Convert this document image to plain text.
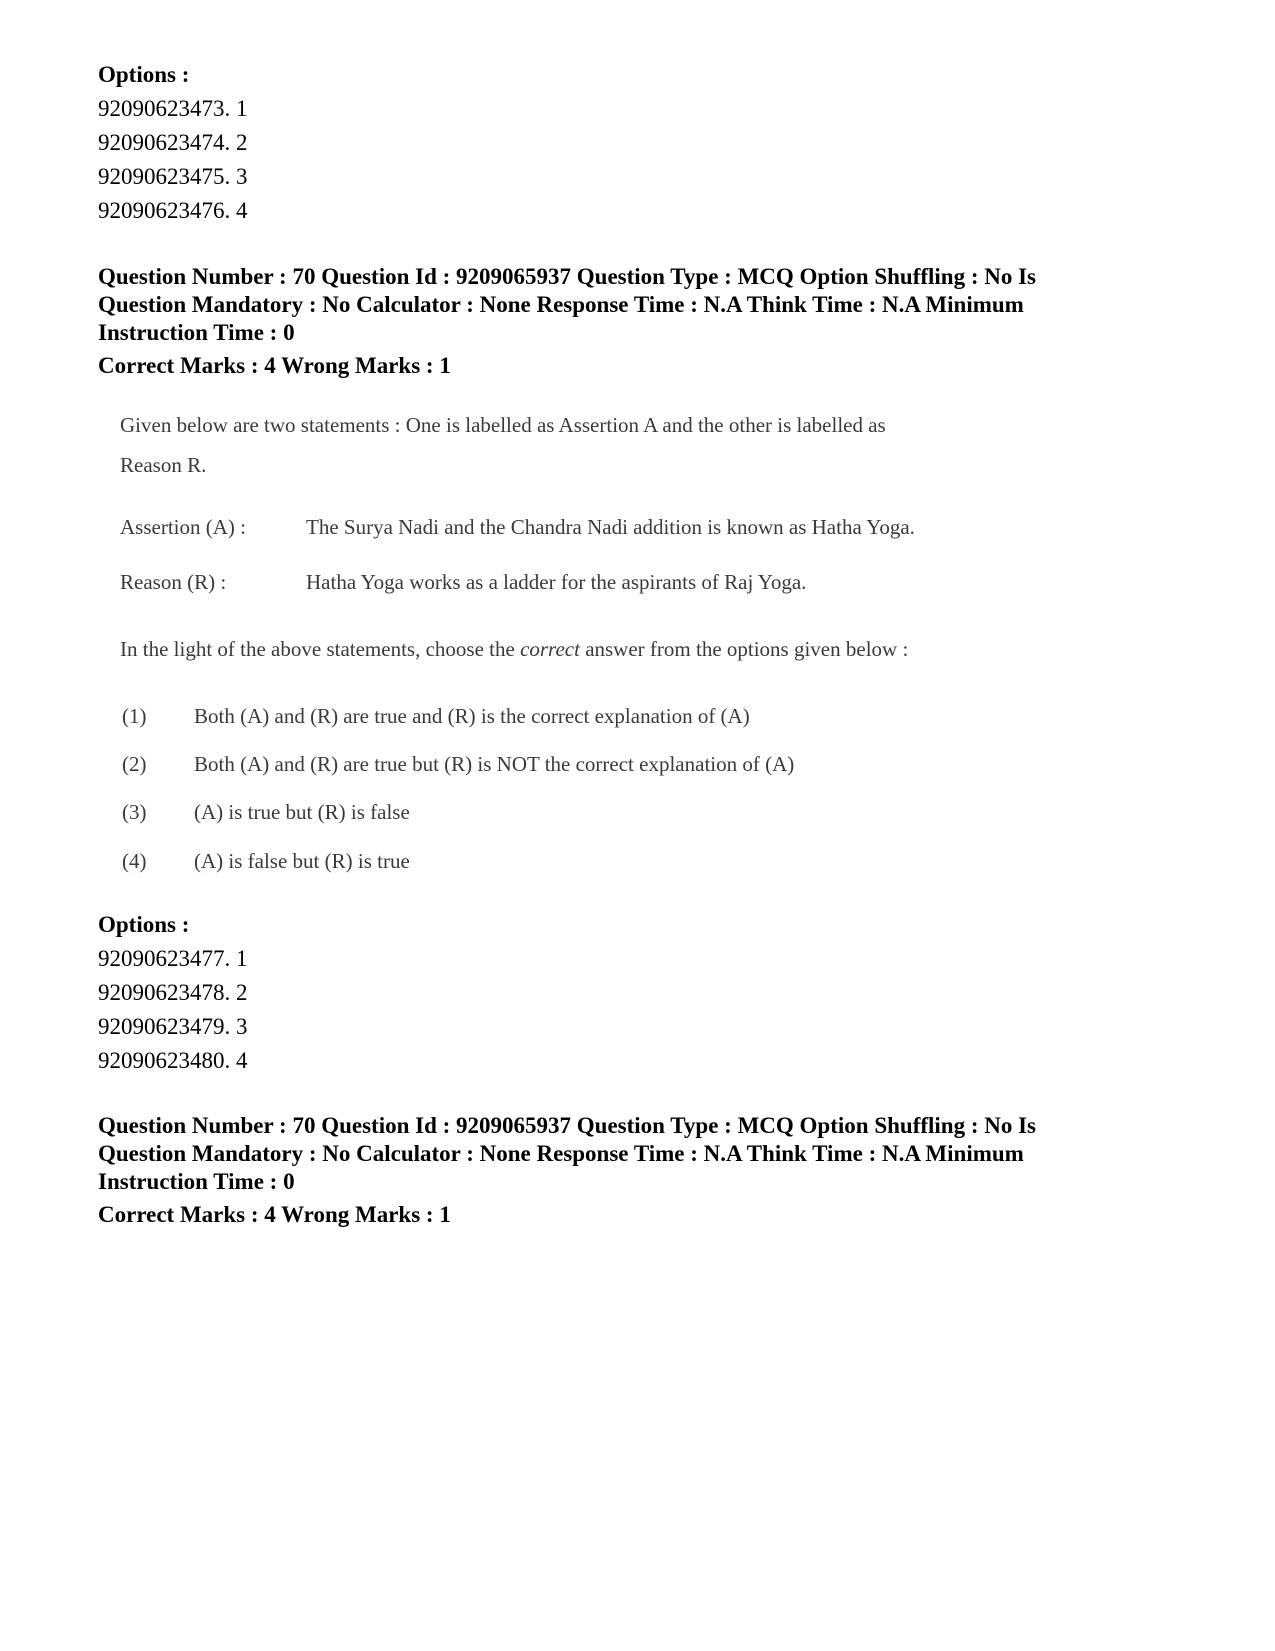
Options :
92090623473. 1
92090623474. 2
92090623475. 3
92090623476. 4
Question Number : 70 Question Id : 9209065937 Question Type : MCQ Option Shuffling : No Is
Question Mandatory : No Calculator : None Response Time : N.A Think Time : N.A Minimum
Instruction Time : 0
Correct Marks : 4 Wrong Marks : 1
Given below are two statements : One is labelled as Assertion A and the other is labelled as
Reason R.
Assertion (A) :	The Surya Nadi and the Chandra Nadi addition is known as Hatha Yoga.
Reason (R) :	Hatha Yoga works as a ladder for the aspirants of Raj Yoga.
In the light of the above statements, choose the correct answer from the options given below :
(1) Both (A) and (R) are true and (R) is the correct explanation of (A)
(2) Both (A) and (R) are true but (R) is NOT the correct explanation of (A)
(3) (A) is true but (R) is false
(4) (A) is false but (R) is true
Options :
92090623477. 1
92090623478. 2
92090623479. 3
92090623480. 4
Question Number : 70 Question Id : 9209065937 Question Type : MCQ Option Shuffling : No Is
Question Mandatory : No Calculator : None Response Time : N.A Think Time : N.A Minimum
Instruction Time : 0
Correct Marks : 4 Wrong Marks : 1
